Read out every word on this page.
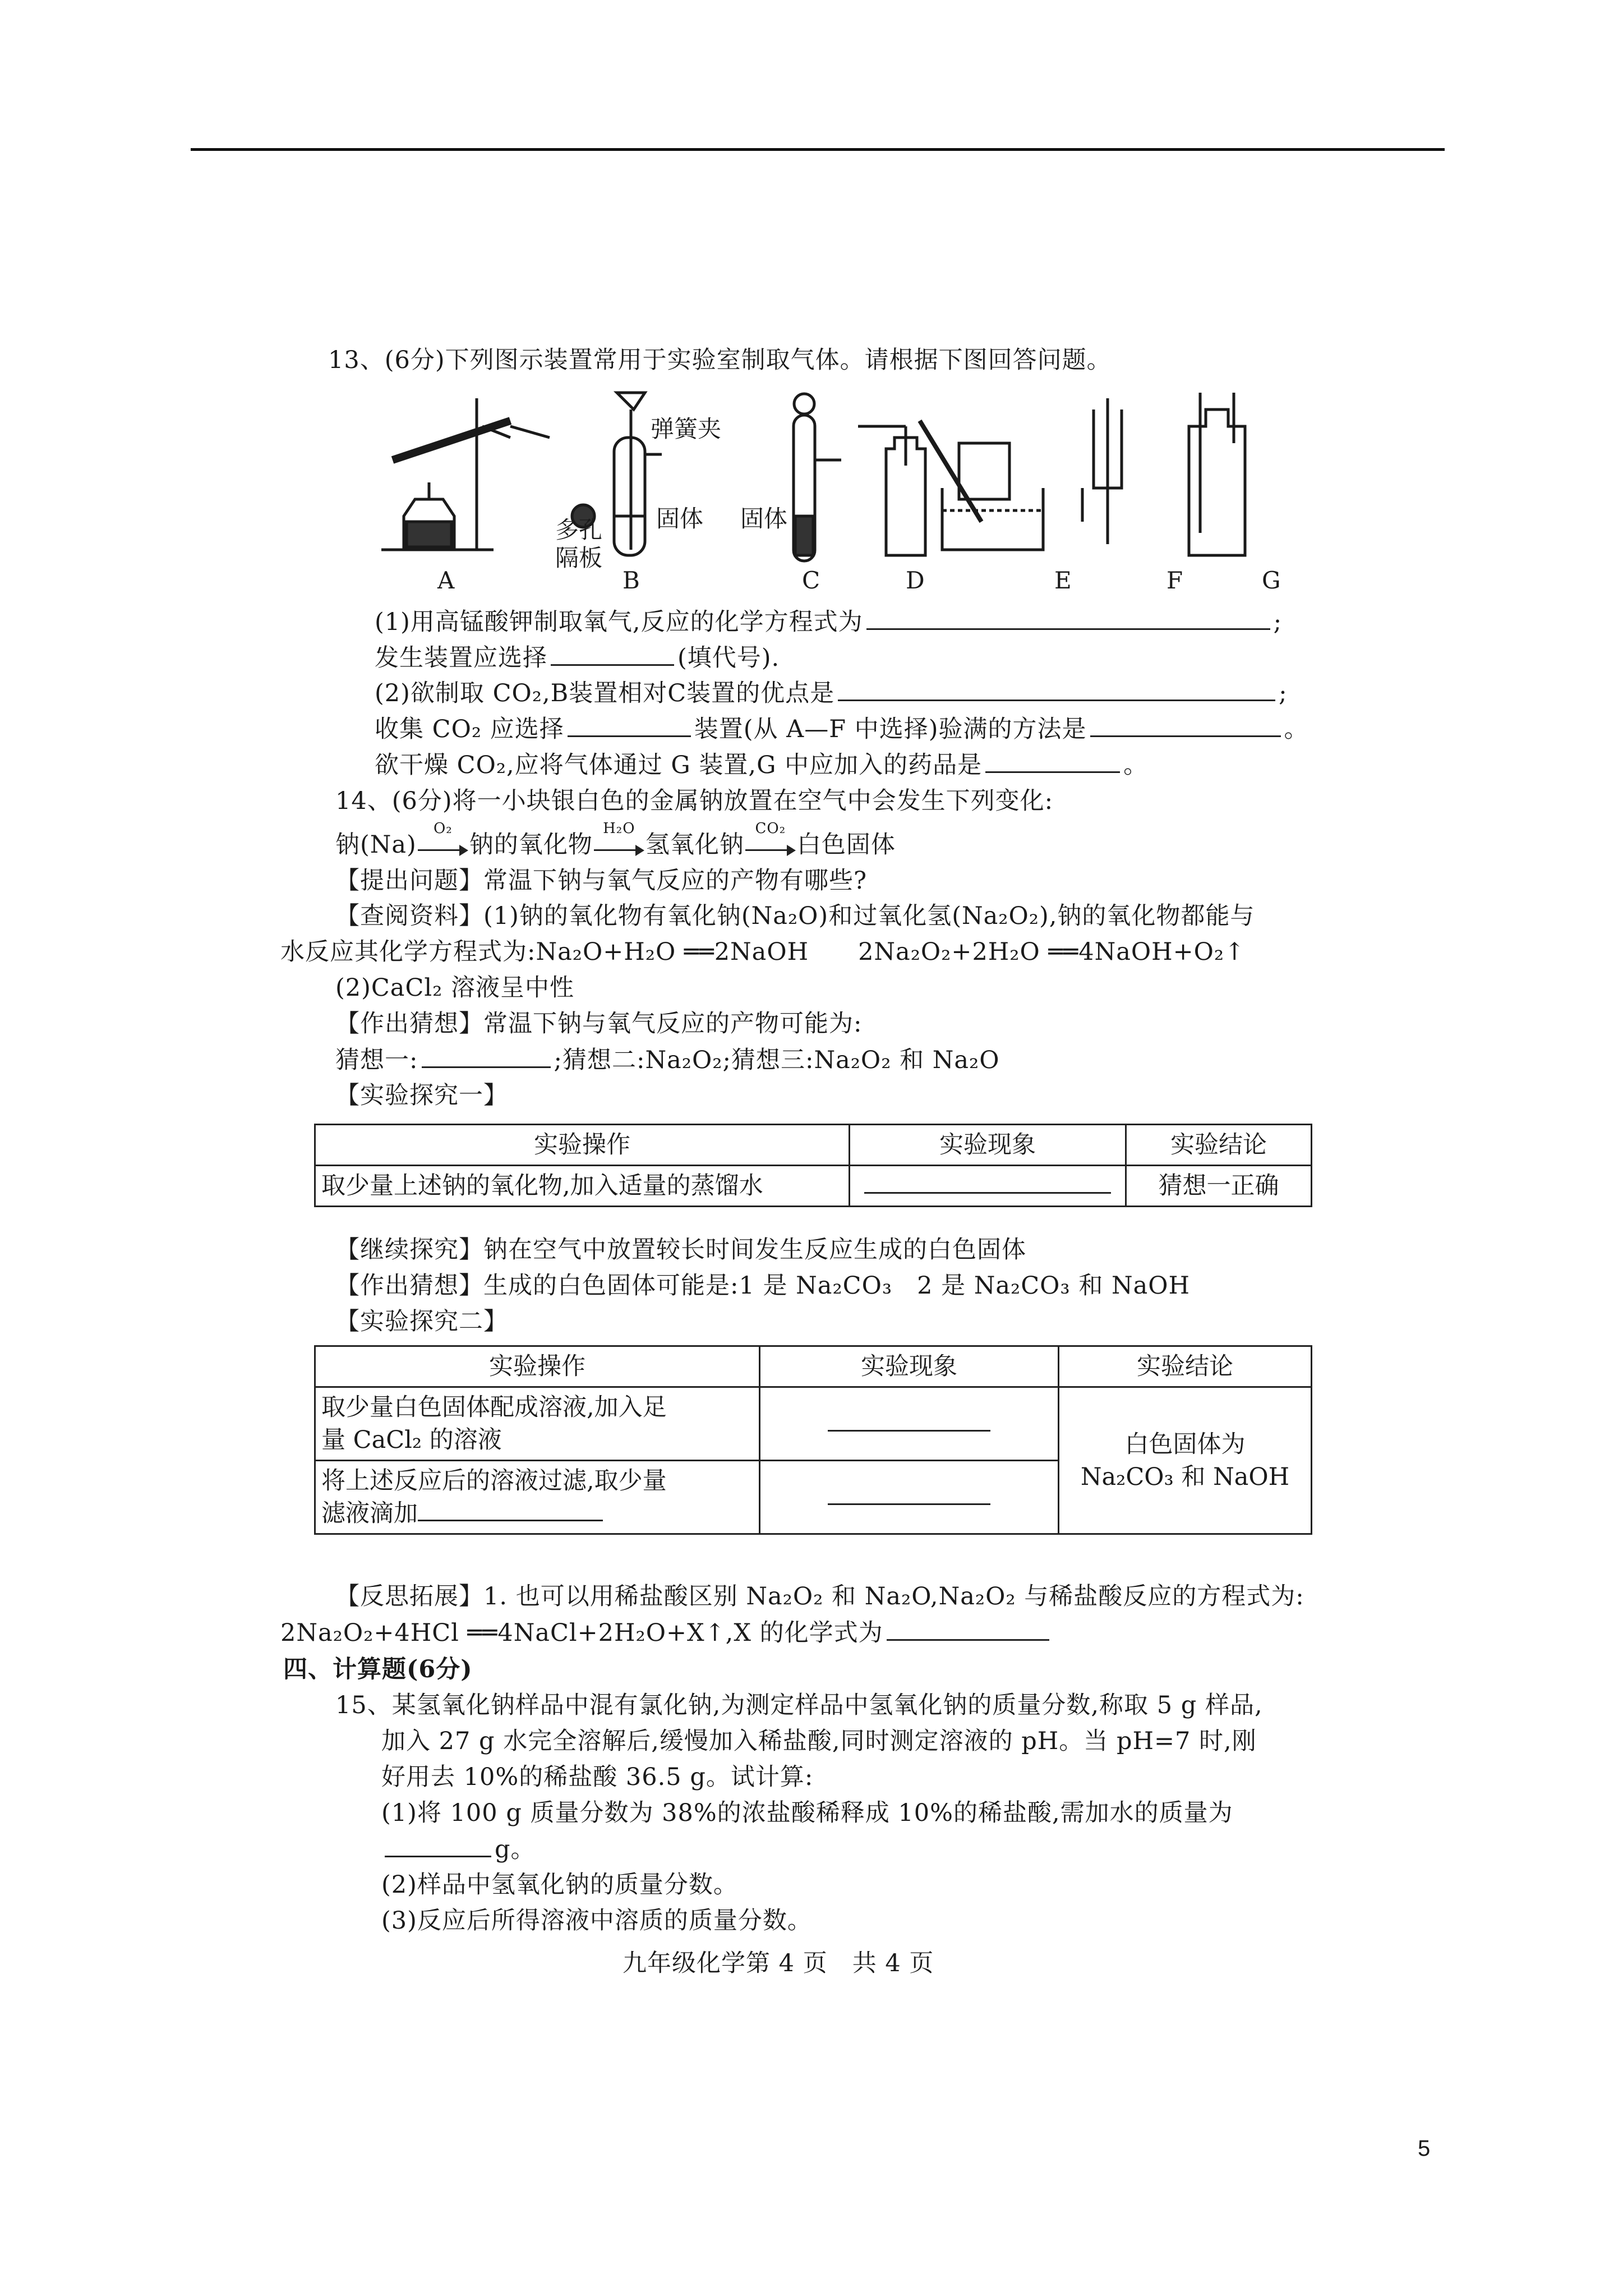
13、(6分)下列图示装置常用于实验室制取气体。请根据下图回答问题。
弹簧夹
多孔
隔板
固体 固体
A	B	C	D	E	F	G
(1)用高锰酸钾制取氧气,反应的化学方程式为	;
发生装置应选择	(填代号).
(2)欲制取 CO₂,B装置相对C装置的优点是	;
收集 CO₂ 应选择	装置(从 A—F 中选择)验满的方法是	。
欲干燥 CO₂,应将气体通过 G 装置,G 中应加入的药品是	。
14、(6分)将一小块银白色的金属钠放置在空气中会发生下列变化:
钠(Na)
O₂
钠的氧化物
H₂O
氢氧化钠
CO₂
白色固体
【提出问题】常温下钠与氧气反应的产物有哪些?
【查阅资料】(1)钠的氧化物有氧化钠(Na₂O)和过氧化氢(Na₂O₂),钠的氧化物都能与
水反应其化学方程式为:Na₂O+H₂O ══2NaOH　　2Na₂O₂+2H₂O ══4NaOH+O₂↑
(2)CaCl₂ 溶液呈中性
【作出猜想】常温下钠与氧气反应的产物可能为:
猜想一:	;猜想二:Na₂O₂;猜想三:Na₂O₂ 和 Na₂O
【实验探究一】
实验操作	实验现象	实验结论
取少量上述钠的氧化物,加入适量的蒸馏水		猜想一正确
【继续探究】钠在空气中放置较长时间发生反应生成的白色固体
【作出猜想】生成的白色固体可能是:1 是 Na₂CO₃　2 是 Na₂CO₃ 和 NaOH
【实验探究二】
实验操作	实验现象	实验结论
取少量白色固体配成溶液,加入足
量 CaCl₂ 的溶液		白色固体为
Na₂CO₃ 和 NaOH
将上述反应后的溶液过滤,取少量
滤液滴加		
【反思拓展】1. 也可以用稀盐酸区别 Na₂O₂ 和 Na₂O,Na₂O₂ 与稀盐酸反应的方程式为:
2Na₂O₂+4HCl ══4NaCl+2H₂O+X↑,X 的化学式为
四、计算题(6分)
15、某氢氧化钠样品中混有氯化钠,为测定样品中氢氧化钠的质量分数,称取 5 g 样品,
加入 27 g 水完全溶解后,缓慢加入稀盐酸,同时测定溶液的 pH。当 pH=7 时,刚
好用去 10%的稀盐酸 36.5 g。试计算:
(1)将 100 g 质量分数为 38%的浓盐酸稀释成 10%的稀盐酸,需加水的质量为
g。
(2)样品中氢氧化钠的质量分数。
(3)反应后所得溶液中溶质的质量分数。
九年级化学第 4 页　共 4 页
5
